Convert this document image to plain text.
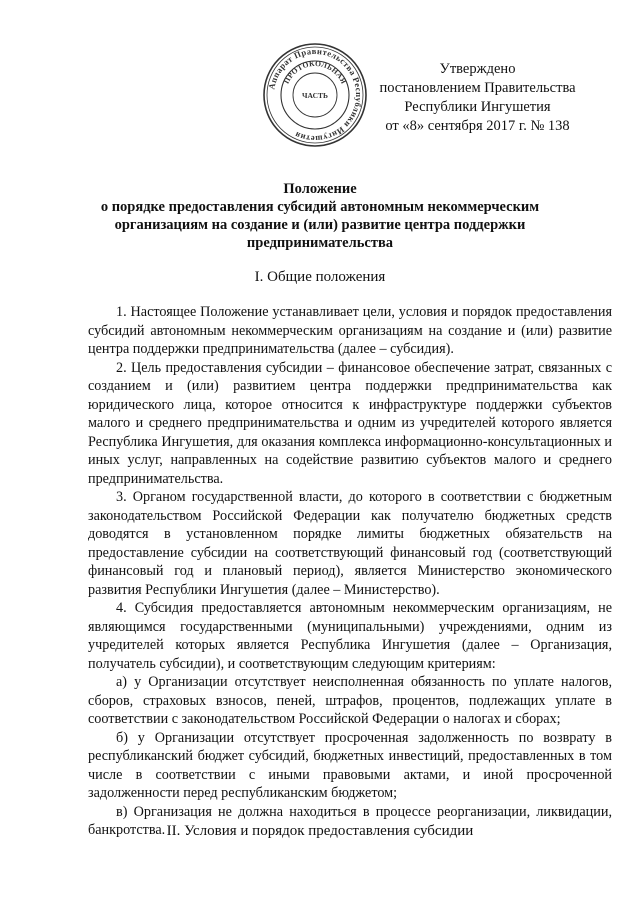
Аппарат Правительства Республики Ингушетия
ПРОТОКОЛЬНАЯ
ЧАСТЬ
Утверждено
постановлением Правительства
Республики Ингушетия
от «8» сентября 2017 г. № 138
Положение
о порядке предоставления субсидий автономным некоммерческим
организациям на создание и (или) развитие центра поддержки
предпринимательства
I. Общие положения

1. Настоящее Положение устанавливает цели, условия и порядок предоставления субсидий автономным некоммерческим организациям на создание и (или) развитие центра поддержки предпринимательства (далее – субсидия).

2. Цель предоставления субсидии – финансовое обеспечение затрат, связанных с созданием и (или) развитием центра поддержки предпринимательства как юридического лица, которое относится к инфраструктуре поддержки субъектов малого и среднего предпринимательства и одним из учредителей которого является Республика Ингушетия, для оказания комплекса информационно-консультационных и иных услуг, направленных на содействие развитию субъектов малого и среднего предпринимательства.

3. Органом государственной власти, до которого в соответствии с бюджетным законодательством Российской Федерации как получателю бюджетных средств доводятся в установленном порядке лимиты бюджетных обязательств на предоставление субсидии на соответствующий финансовый год (соответствующий финансовый год и плановый период), является Министерство экономического развития Республики Ингушетия (далее – Министерство).

4. Субсидия предоставляется автономным некоммерческим организациям, не являющимся государственными (муниципальными) учреждениями, одним из учредителей которых является Республика Ингушетия (далее – Организация, получатель субсидии), и соответствующим следующим критериям:

а) у Организации отсутствует неисполненная обязанность по уплате налогов, сборов, страховых взносов, пеней, штрафов, процентов, подлежащих уплате в соответствии с законодательством Российской Федерации о налогах и сборах;

б) у Организации отсутствует просроченная задолженность по возврату в республиканский бюджет субсидий, бюджетных инвестиций, предоставленных в том числе в соответствии с иными правовыми актами, и иной просроченной задолженности перед республиканским бюджетом;

в) Организация не должна находиться в процессе реорганизации, ликвидации, банкротства. II. Условия и порядок предоставления субсидии
